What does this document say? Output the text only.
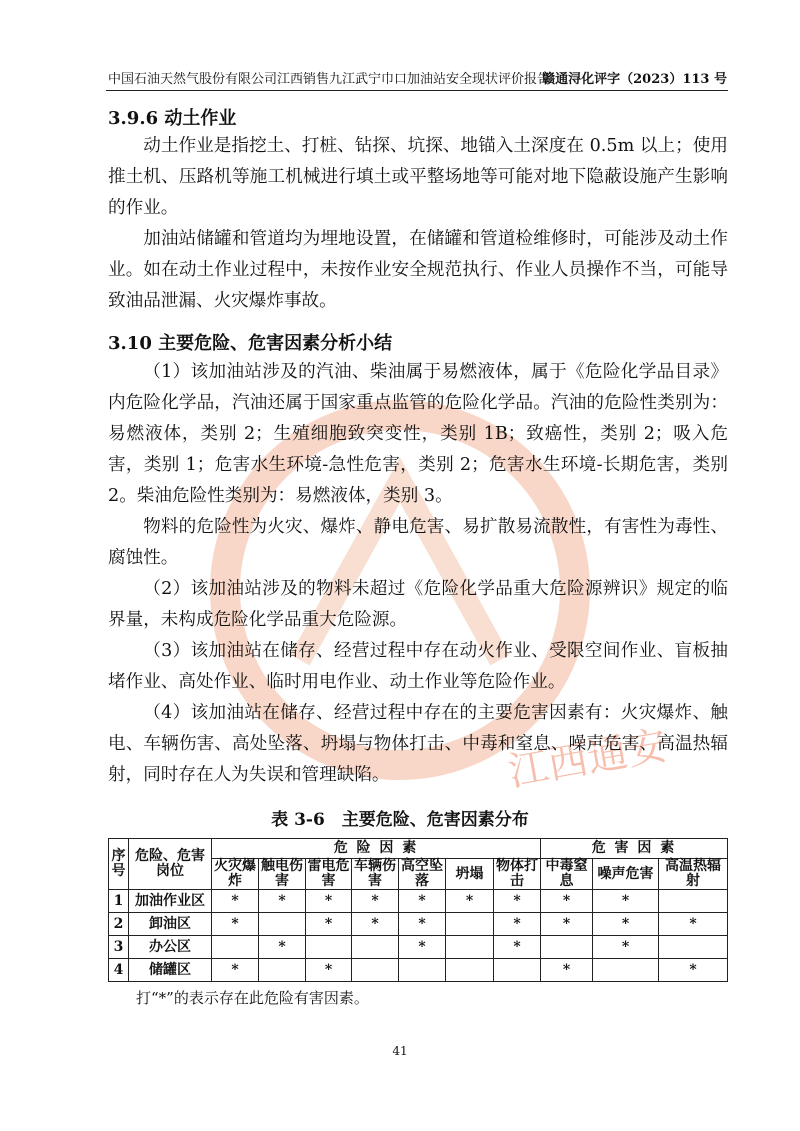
江西通安
中国石油天然气股份有限公司江西销售九江武宁巾口加油站安全现状评价报告
赣通浔化评字（2023）113 号
3.9.6 动土作业

动土作业是指挖土、打桩、钻探、坑探、地锚入土深度在 0.5m 以上；使用推土机、压路机等施工机械进行填土或平整场地等可能对地下隐蔽设施产生影响的作业。

加油站储罐和管道均为埋地设置，在储罐和管道检维修时，可能涉及动土作业。如在动土作业过程中，未按作业安全规范执行、作业人员操作不当，可能导致油品泄漏、火灾爆炸事故。

3.10 主要危险、危害因素分析小结

（1）该加油站涉及的汽油、柴油属于易燃液体，属于《危险化学品目录》内危险化学品，汽油还属于国家重点监管的危险化学品。汽油的危险性类别为：易燃液体，类别 2；生殖细胞致突变性，类别 1B；致癌性，类别 2；吸入危害，类别 1；危害水生环境-急性危害，类别 2；危害水生环境-长期危害，类别 2。柴油危险性类别为：易燃液体，类别 3。

物料的危险性为火灾、爆炸、静电危害、易扩散易流散性，有害性为毒性、腐蚀性。

（2）该加油站涉及的物料未超过《危险化学品重大危险源辨识》规定的临界量，未构成危险化学品重大危险源。

（3）该加油站在储存、经营过程中存在动火作业、受限空间作业、盲板抽堵作业、高处作业、临时用电作业、动土作业等危险作业。

（4）该加油站在储存、经营过程中存在的主要危害因素有：火灾爆炸、触电、车辆伤害、高处坠落、坍塌与物体打击、中毒和窒息、噪声危害、高温热辐射，同时存在人为失误和管理缺陷。

表 3-6　主要危险、危害因素分布
序号	危险、危害岗位	危 险 因 素							危 害 因 素		
		火灾爆炸	触电伤害	雷电危害	车辆伤害	高空坠落	坍塌	物体打击	中毒窒息	噪声危害	高温热辐射
1	加油作业区	*	*	*	*	*	*	*	*	*	
2	卸油区	*		*	*	*		*	*	*	*
3	办公区		*			*		*		*	
4	储罐区	*		*					*		*
打“*”的表示存在此危险有害因素。
41
